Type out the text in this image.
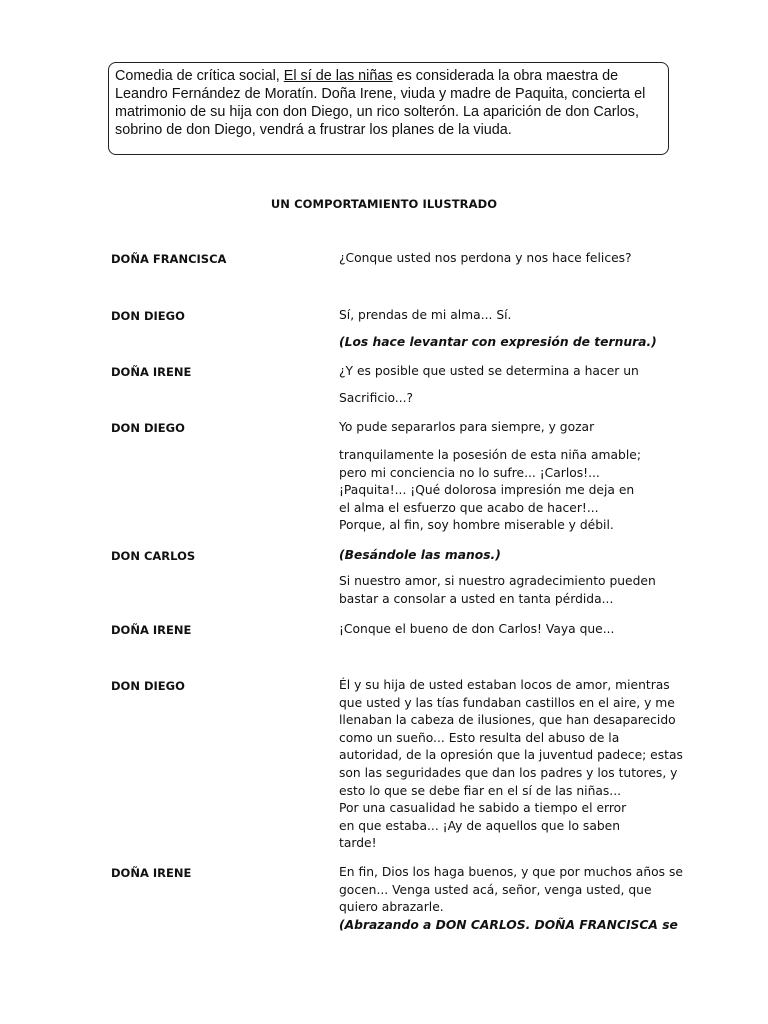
Comedia de crítica social, El sí de las niñas es considerada la obra maestra de
Leandro Fernández de Moratín. Doña Irene, viuda y madre de Paquita, concierta el
matrimonio de su hija con don Diego, un rico solterón. La aparición de don Carlos,
sobrino de don Diego, vendrá a frustrar los planes de la viuda.
UN COMPORTAMIENTO ILUSTRADO
DOÑA FRANCISCA	¿Conque usted nos perdona y nos hace felices?
DON DIEGO	Sí, prendas de mi alma... Sí.
(Los hace levantar con expresión de ternura.)
DOÑA IRENE	¿Y es posible que usted se determina a hacer un
Sacrificio...?
DON DIEGO	Yo pude separarlos para siempre, y gozar
tranquilamente la posesión de esta niña amable;
pero mi conciencia no lo sufre... ¡Carlos!...
¡Paquita!... ¡Qué dolorosa impresión me deja en
el alma el esfuerzo que acabo de hacer!...
Porque, al fin, soy hombre miserable y débil.
DON CARLOS	(Besándole las manos.)
Si nuestro amor, si nuestro agradecimiento pueden
bastar a consolar a usted en tanta pérdida...
DOÑA IRENE	¡Conque el bueno de don Carlos! Vaya que...
DON DIEGO	Él y su hija de usted estaban locos de amor, mientras
que usted y las tías fundaban castillos en el aire, y me
llenaban la cabeza de ilusiones, que han desaparecido
como un sueño... Esto resulta del abuso de la
autoridad, de la opresión que la juventud padece; estas
son las seguridades que dan los padres y los tutores, y
esto lo que se debe fiar en el sí de las niñas...
Por una casualidad he sabido a tiempo el error
en que estaba... ¡Ay de aquellos que lo saben
tarde!
DOÑA IRENE	En fin, Dios los haga buenos, y que por muchos años se
gocen... Venga usted acá, señor, venga usted, que
quiero abrazarle.
(Abrazando a DON CARLOS. DOÑA FRANCISCA se
